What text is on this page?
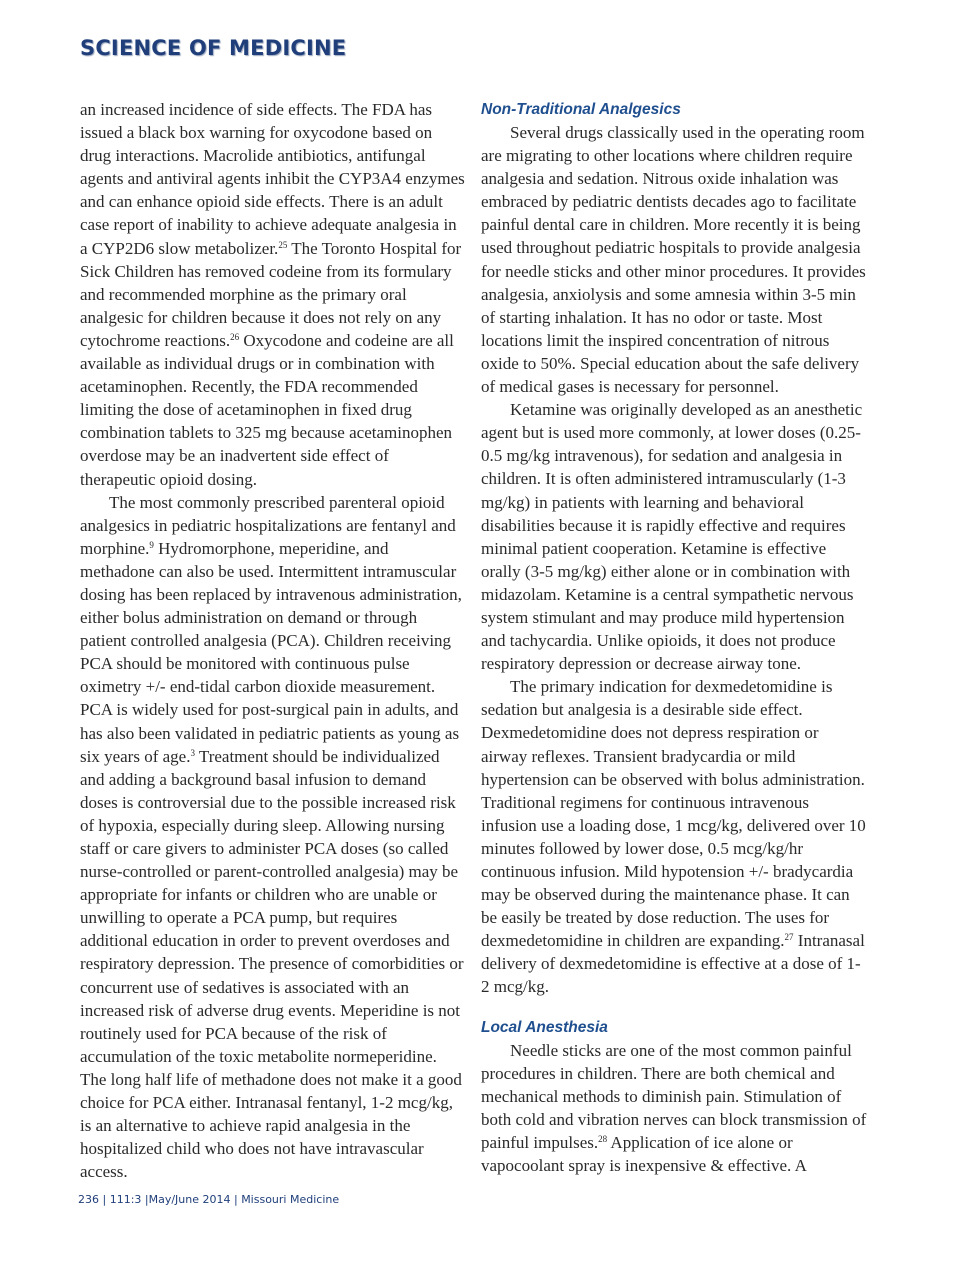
SCIENCE OF MEDICINE

an increased incidence of side effects. The FDA has issued a black box warning for oxycodone based on drug interactions. Macrolide antibiotics, antifungal agents and antiviral agents inhibit the CYP3A4 enzymes and can enhance opioid side effects. There is an adult case report of inability to achieve adequate analgesia in a CYP2D6 slow metabolizer.$^{25}$ The Toronto Hospital for Sick Children has removed codeine from its formulary and recommended morphine as the primary oral analgesic for children because it does not rely on any cytochrome reactions.$^{26}$ Oxycodone and codeine are all available as individual drugs or in combination with acetaminophen. Recently, the FDA recommended limiting the dose of acetaminophen in fixed drug combination tablets to 325 mg because acetaminophen overdose may be an inadvertent side effect of therapeutic opioid dosing.

The most commonly prescribed parenteral opioid analgesics in pediatric hospitalizations are fentanyl and morphine.$^9$ Hydromorphone, meperidine, and methadone can also be used. Intermittent intramuscular dosing has been replaced by intravenous administration, either bolus administration on demand or through patient controlled analgesia (PCA). Children receiving PCA should be monitored with continuous pulse oximetry +/- end-tidal carbon dioxide measurement. PCA is widely used for post-surgical pain in adults, and has also been validated in pediatric patients as young as six years of age.$^3$ Treatment should be individualized and adding a background basal infusion to demand doses is controversial due to the possible increased risk of hypoxia, especially during sleep. Allowing nursing staff or care givers to administer PCA doses (so called nurse-controlled or parent-controlled analgesia) may be appropriate for infants or children who are unable or unwilling to operate a PCA pump, but requires additional education in order to prevent overdoses and respiratory depression. The presence of comorbidities or concurrent use of sedatives is associated with an increased risk of adverse drug events. Meperidine is not routinely used for PCA because of the risk of accumulation of the toxic metabolite normeperidine. The long half life of methadone does not make it a good choice for PCA either. Intranasal fentanyl, 1-2 mcg/kg, is an alternative to achieve rapid analgesia in the hospitalized child who does not have intravascular access.

Non-Traditional Analgesics

Several drugs classically used in the operating room are migrating to other locations where children require analgesia and sedation. Nitrous oxide inhalation was embraced by pediatric dentists decades ago to facilitate painful dental care in children. More recently it is being used throughout pediatric hospitals to provide analgesia for needle sticks and other minor procedures. It provides analgesia, anxiolysis and some amnesia within 3-5 min of starting inhalation. It has no odor or taste. Most locations limit the inspired concentration of nitrous oxide to 50%. Special education about the safe delivery of medical gases is necessary for personnel.

Ketamine was originally developed as an anesthetic agent but is used more commonly, at lower doses (0.25-0.5 mg/kg intravenous), for sedation and analgesia in children. It is often administered intramuscularly (1-3 mg/kg) in patients with learning and behavioral disabilities because it is rapidly effective and requires minimal patient cooperation. Ketamine is effective orally (3-5 mg/kg) either alone or in combination with midazolam. Ketamine is a central sympathetic nervous system stimulant and may produce mild hypertension and tachycardia. Unlike opioids, it does not produce respiratory depression or decrease airway tone.

The primary indication for dexmedetomidine is sedation but analgesia is a desirable side effect. Dexmedetomidine does not depress respiration or airway reflexes. Transient bradycardia or mild hypertension can be observed with bolus administration. Traditional regimens for continuous intravenous infusion use a loading dose, 1 mcg/kg, delivered over 10 minutes followed by lower dose, 0.5 mcg/kg/hr continuous infusion. Mild hypotension +/- bradycardia may be observed during the maintenance phase. It can be easily be treated by dose reduction. The uses for dexmedetomidine in children are expanding.$^{27}$ Intranasal delivery of dexmedetomidine is effective at a dose of 1-2 mcg/kg.

Local Anesthesia

Needle sticks are one of the most common painful procedures in children. There are both chemical and mechanical methods to diminish pain. Stimulation of both cold and vibration nerves can block transmission of painful impulses.$^{28}$ Application of ice alone or vapocoolant spray is inexpensive & effective. A

236 | 111:3 |May/June 2014 | Missouri Medicine
